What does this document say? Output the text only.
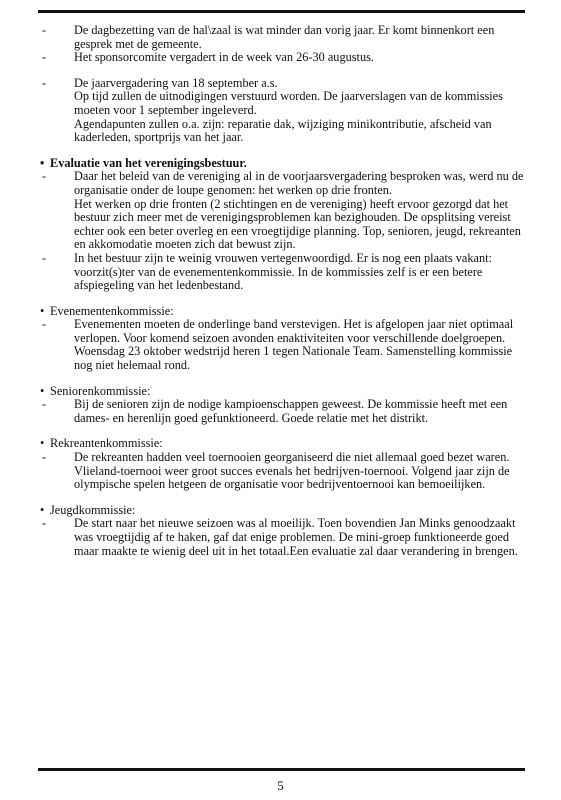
-	De dagbezetting van de hal\zaal is wat minder dan vorig jaar. Er komt binnenkort een gesprek met de gemeente.

-	Het sponsorcomite vergadert in de week van 26-30 augustus.

-	De jaarvergadering van 18 september a.s.

Op tijd zullen de uitnodigingen verstuurd worden. De jaarverslagen van de kommissies moeten voor 1 september ingeleverd.

Agendapunten zullen o.a. zijn: reparatie dak, wijziging minikontributie, afscheid van kaderleden, sportprijs van het jaar.

• Evaluatie van het verenigingsbestuur.
-	Daar het beleid van de vereniging al in de voorjaarsvergadering besproken was, werd nu de organisatie onder de loupe genomen: het werken op drie fronten.

Het werken op drie fronten (2 stichtingen en de vereniging) heeft ervoor gezorgd dat het bestuur zich meer met de verenigingsproblemen kan bezighouden. De opsplitsing vereist echter ook een beter overleg en een vroegtijdige planning. Top, senioren, jeugd, rekreanten en akkomodatie moeten zich dat bewust zijn.

-	In het bestuur zijn te weinig vrouwen vertegenwoordigd. Er is nog een plaats vakant: voorzit(s)ter van de evenementenkommissie. In de kommissies zelf is er een betere afspiegeling van het ledenbestand.

• Evenementenkommissie:
-	Evenementen moeten de onderlinge band verstevigen. Het is afgelopen jaar niet optimaal verlopen. Voor komend seizoen avonden enaktiviteiten voor verschillende doelgroepen. Woensdag 23 oktober wedstrijd heren 1 tegen Nationale Team. Samenstelling kommissie nog niet helemaal rond.

• Seniorenkommissie:
-	Bij de senioren zijn de nodige kampioenschappen geweest. De kommissie heeft met een dames- en herenlijn goed gefunktioneerd. Goede relatie met het distrikt.

• Rekreantenkommissie:
-	De rekreanten hadden veel toernooien georganiseerd die niet allemaal goed bezet waren. Vlieland-toernooi weer groot succes evenals het bedrijven-toernooi. Volgend jaar zijn de olympische spelen hetgeen de organisatie voor bedrijventoernooi kan bemoeilijken.

• Jeugdkommissie:
-	De start naar het nieuwe seizoen was al moeilijk. Toen bovendien Jan Minks genoodzaakt was vroegtijdig af te haken, gaf dat enige problemen. De mini-groep funktioneerde goed maar maakte te wienig deel uit in het totaal.Een evaluatie zal daar verandering in brengen.

5
